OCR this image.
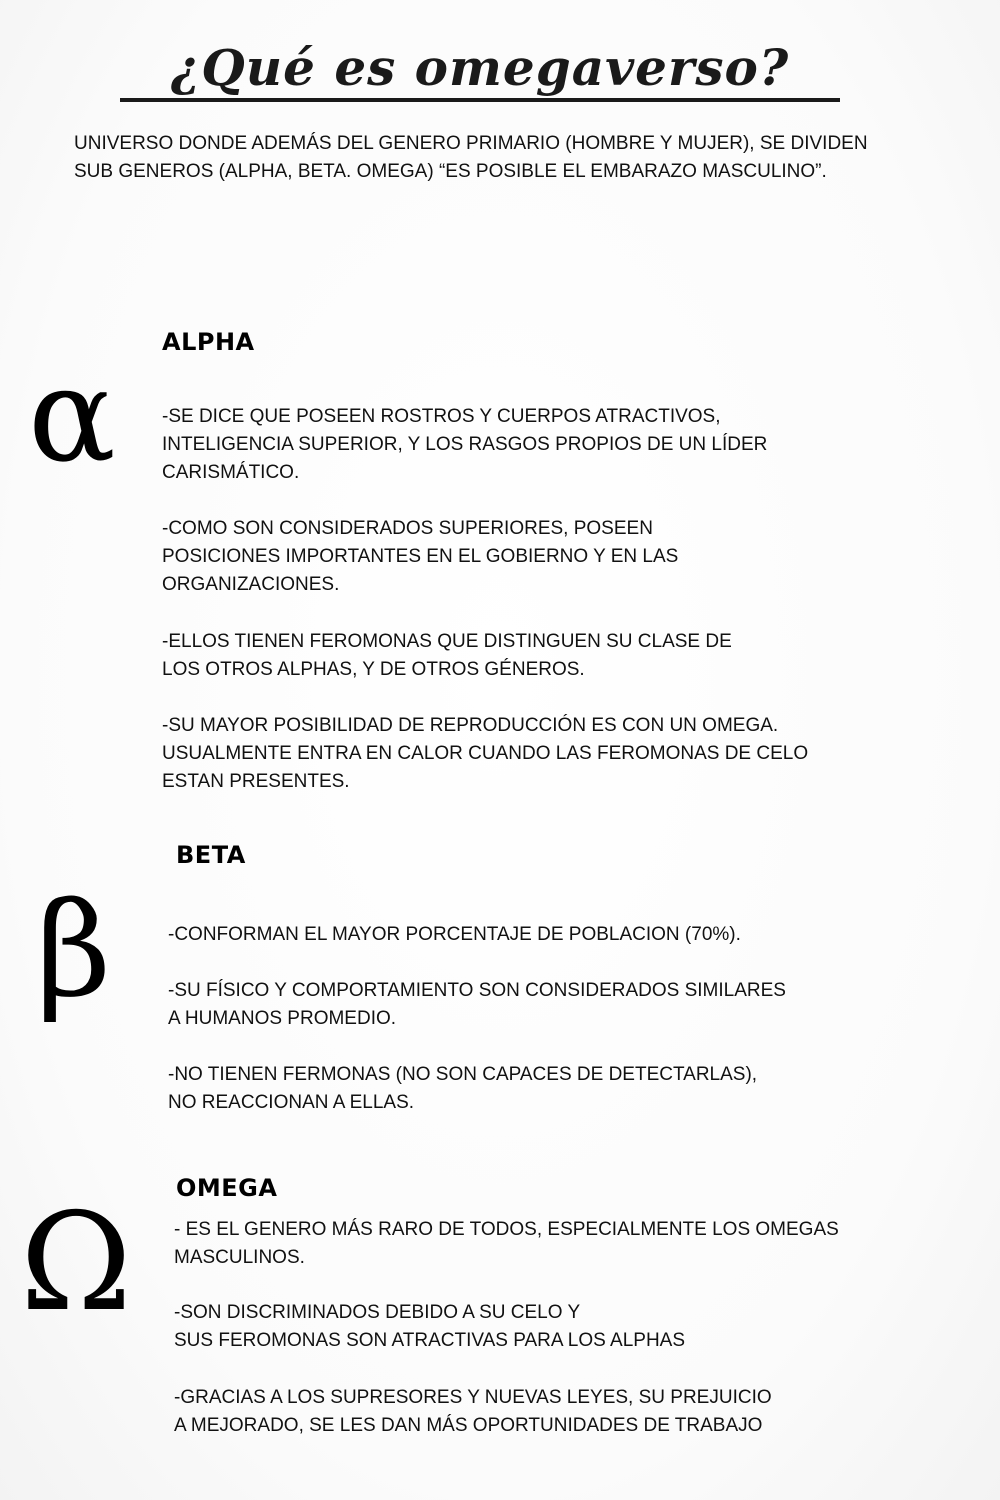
¿Qué es omegaverso?
UNIVERSO DONDE ADEMÁS DEL GENERO PRIMARIO (HOMBRE Y MUJER), SE DIVIDEN
SUB GENEROS (ALPHA, BETA. OMEGA) “ES POSIBLE EL EMBARAZO MASCULINO”.
ALPHA
α -SE DICE QUE POSEEN ROSTROS Y CUERPOS ATRACTIVOS,
INTELIGENCIA SUPERIOR, Y LOS RASGOS PROPIOS DE UN LÍDER
CARISMÁTICO.
-COMO SON CONSIDERADOS SUPERIORES, POSEEN
POSICIONES IMPORTANTES EN EL GOBIERNO Y EN LAS
ORGANIZACIONES.
-ELLOS TIENEN FEROMONAS QUE DISTINGUEN SU CLASE DE
LOS OTROS ALPHAS, Y DE OTROS GÉNEROS.
-SU MAYOR POSIBILIDAD DE REPRODUCCIÓN ES CON UN OMEGA.
USUALMENTE ENTRA EN CALOR CUANDO LAS FEROMONAS DE CELO
ESTAN PRESENTES.
BETA
β	-CONFORMAN EL MAYOR PORCENTAJE DE POBLACION (70%).
-SU FÍSICO Y COMPORTAMIENTO SON CONSIDERADOS SIMILARES
A HUMANOS PROMEDIO.
-NO TIENEN FERMONAS (NO SON CAPACES DE DETECTARLAS),
NO REACCIONAN A ELLAS.
OMEGA
Ω - ES EL GENERO MÁS RARO DE TODOS, ESPECIALMENTE LOS OMEGAS
MASCULINOS.
-SON DISCRIMINADOS DEBIDO A SU CELO Y
SUS FEROMONAS SON ATRACTIVAS PARA LOS ALPHAS
-GRACIAS A LOS SUPRESORES Y NUEVAS LEYES, SU PREJUICIO
A MEJORADO, SE LES DAN MÁS OPORTUNIDADES DE TRABAJO
